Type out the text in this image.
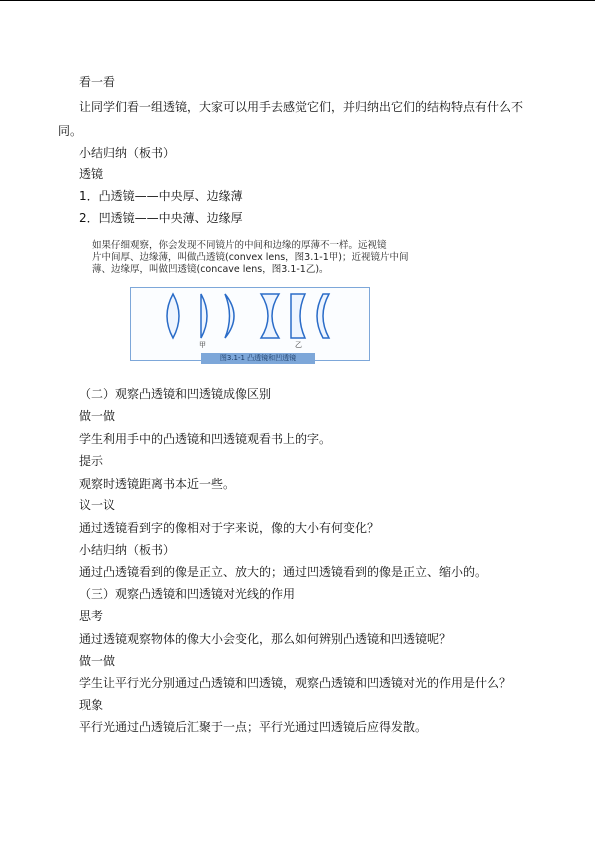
看一看
让同学们看一组透镜，大家可以用手去感觉它们，并归纳出它们的结构特点有什么不
同。
小结归纳（板书）
透镜
1．凸透镜——中央厚、边缘薄
2．凹透镜——中央薄、边缘厚
如果仔细观察，你会发现不同镜片的中间和边缘的厚薄不一样。远视镜
片中间厚、边缘薄，叫做凸透镜(convex lens，图3.1-1甲)；近视镜片中间
薄、边缘厚，叫做凹透镜(concave lens，图3.1-1乙)。
甲	乙
图3.1-1 凸透镜和凹透镜
（二）观察凸透镜和凹透镜成像区别
做一做
学生利用手中的凸透镜和凹透镜观看书上的字。
提示
观察时透镜距离书本近一些。
议一议
通过透镜看到字的像相对于字来说，像的大小有何变化？
小结归纳（板书）
通过凸透镜看到的像是正立、放大的；通过凹透镜看到的像是正立、缩小的。
（三）观察凸透镜和凹透镜对光线的作用
思考
通过透镜观察物体的像大小会变化，那么如何辨别凸透镜和凹透镜呢？
做一做
学生让平行光分别通过凸透镜和凹透镜，观察凸透镜和凹透镜对光的作用是什么？
现象
平行光通过凸透镜后汇聚于一点；平行光通过凹透镜后应得发散。
